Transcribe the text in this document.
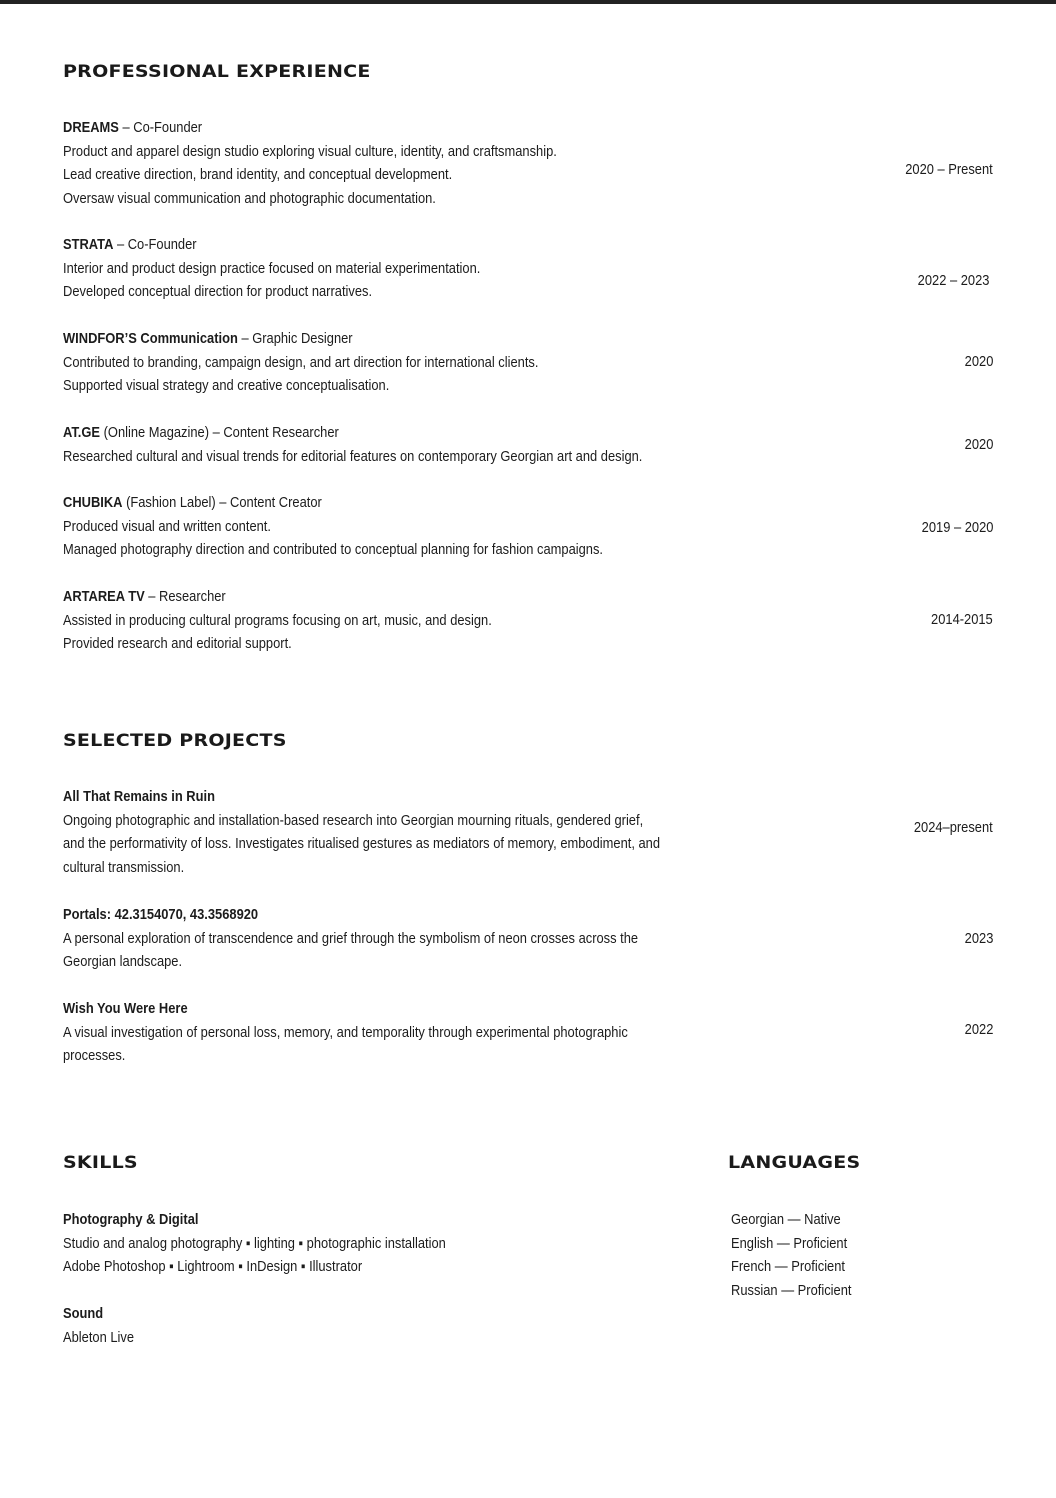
PROFESSIONAL EXPERIENCE
DREAMS – Co-Founder
Product and apparel design studio exploring visual culture, identity, and craftsmanship.
Lead creative direction, brand identity, and conceptual development.
Oversaw visual communication and photographic documentation.
2020 – Present
STRATA – Co-Founder
Interior and product design practice focused on material experimentation.
Developed conceptual direction for product narratives.
2022 – 2023
WINDFOR’S Communication – Graphic Designer
Contributed to branding, campaign design, and art direction for international clients.
Supported visual strategy and creative conceptualisation.
2020
AT.GE (Online Magazine) – Content Researcher
Researched cultural and visual trends for editorial features on contemporary Georgian art and design.
2020
CHUBIKA (Fashion Label) – Content Creator
Produced visual and written content.
Managed photography direction and contributed to conceptual planning for fashion campaigns.
2019 – 2020
ARTAREA TV – Researcher
Assisted in producing cultural programs focusing on art, music, and design.
Provided research and editorial support.
2014-2015
SELECTED PROJECTS
All That Remains in Ruin
Ongoing photographic and installation-based research into Georgian mourning rituals, gendered grief,
and the performativity of loss. Investigates ritualised gestures as mediators of memory, embodiment, and
cultural transmission.
2024–present
Portals: 42.3154070, 43.3568920
A personal exploration of transcendence and grief through the symbolism of neon crosses across the
Georgian landscape.
2023
Wish You Were Here
A visual investigation of personal loss, memory, and temporality through experimental photographic
processes.
2022
SKILLS
Photography & Digital
Studio and analog photography ▪ lighting ▪ photographic installation
Adobe Photoshop ▪ Lightroom ▪ InDesign ▪ Illustrator
Sound
Ableton Live
LANGUAGES
Georgian — Native
English — Proficient
French — Proficient
Russian — Proficient
